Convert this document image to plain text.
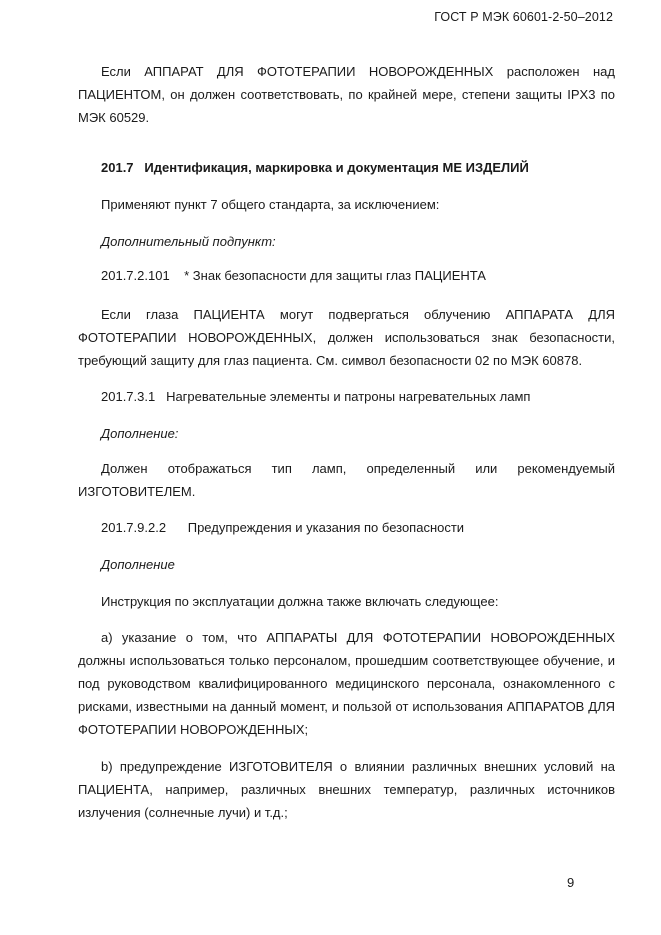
ГОСТ Р МЭК 60601-2-50–2012
Если АППАРАТ ДЛЯ ФОТОТЕРАПИИ НОВОРОЖДЕННЫХ расположен над ПАЦИЕНТОМ, он должен соответствовать, по крайней мере, степени защиты IPX3 по МЭК 60529.
201.7 Идентификация, маркировка и документация МЕ ИЗДЕЛИЙ
Применяют пункт 7 общего стандарта, за исключением:
Дополнительный подпункт:
201.7.2.101 * Знак безопасности для защиты глаз ПАЦИЕНТА
Если глаза ПАЦИЕНТА могут подвергаться облучению АППАРАТА ДЛЯ ФОТОТЕРАПИИ НОВОРОЖДЕННЫХ, должен использоваться знак безопасности, требующий защиту для глаз пациента. См. символ безопасности 02 по МЭК 60878.
201.7.3.1 Нагревательные элементы и патроны нагревательных ламп
Дополнение:
Должен отображаться тип ламп, определенный или рекомендуемый ИЗГОТОВИТЕЛЕМ.
201.7.9.2.2 Предупреждения и указания по безопасности
Дополнение
Инструкция по эксплуатации должна также включать следующее:
а) указание о том, что АППАРАТЫ ДЛЯ ФОТОТЕРАПИИ НОВОРОЖДЕННЫХ должны использоваться только персоналом, прошедшим соответствующее обучение, и под руководством квалифицированного медицинского персонала, ознакомленного с рисками, известными на данный момент, и пользой от использования АППАРАТОВ ДЛЯ ФОТОТЕРАПИИ НОВОРОЖДЕННЫХ;
b) предупреждение ИЗГОТОВИТЕЛЯ о влиянии различных внешних условий на ПАЦИЕНТА, например, различных внешних температур, различных источников излучения (солнечные лучи) и т.д.;
9
